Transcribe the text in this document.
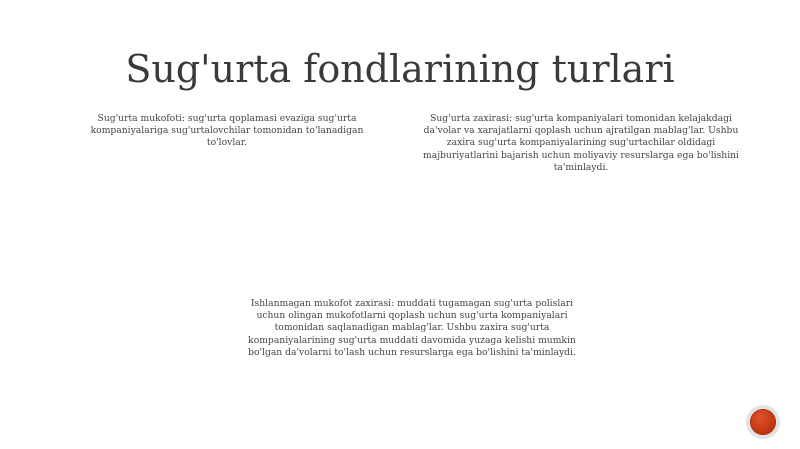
Sug'urta fondlarining turlari
Sug'urta mukofoti: sug'urta qoplamasi evaziga sug'urta kompaniyalariga sug'urtalovchilar tomonidan to'lanadigan to'lovlar.
Sug'urta zaxirasi: sug'urta kompaniyalari tomonidan kelajakdagi da'volar va xarajatlarni qoplash uchun ajratilgan mablag'lar. Ushbu zaxira sug'urta kompaniyalarining sug'urtachilar oldidagi majburiyatlarini bajarish uchun moliyaviy resurslarga ega bo'lishini ta'minlaydi.
Ishlanmagan mukofot zaxirasi: muddati tugamagan sug'urta polislari uchun olingan mukofotlarni qoplash uchun sug'urta kompaniyalari tomonidan saqlanadigan mablag'lar. Ushbu zaxira sug'urta kompaniyalarining sug'urta muddati davomida yuzaga kelishi mumkin bo'lgan da'volarni to'lash uchun resurslarga ega bo'lishini ta'minlaydi.
